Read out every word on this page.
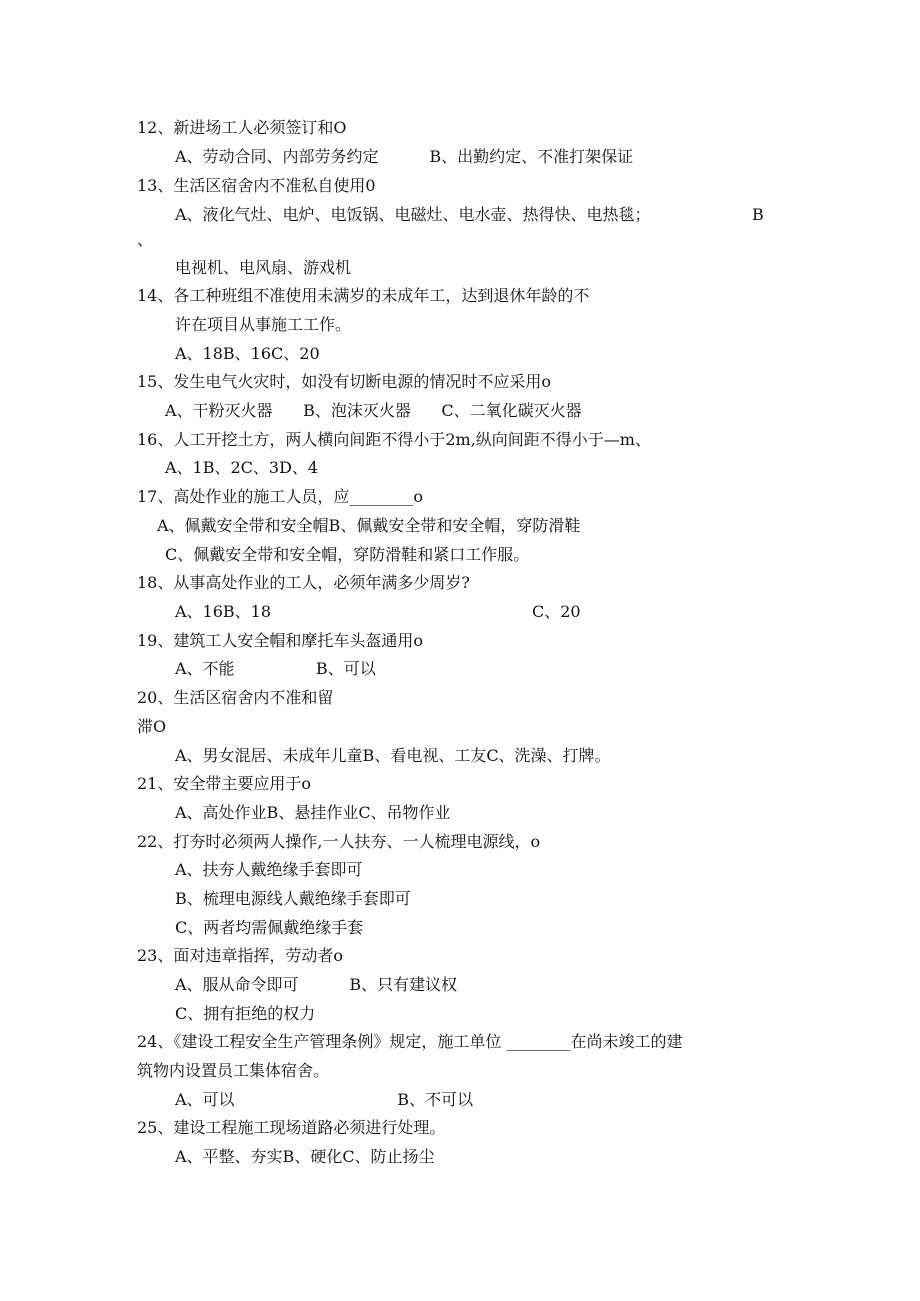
12、新进场工人必须签订和O
A、劳动合同、内部劳务约定          B、出勤约定、不准打架保证
13、生活区宿舍内不准私自使用0
A、液化气灶、电炉、电饭锅、电磁灶、电水壶、热得快、电热毯；	B
、
电视机、电风扇、游戏机
14、各工种班组不准使用未满岁的未成年工，达到退休年龄的不
许在项目从事施工工作。
A、18B、16C、20
15、发生电气火灾时，如没有切断电源的情况时不应采用o
A、干粉灭火器      B、泡沫灭火器      C、二氧化碳灭火器
16、人工开挖土方，两人横向间距不得小于2m,纵向间距不得小于—m、
A、1B、2C、3D、4
17、高处作业的施工人员，应________o
A、佩戴安全带和安全帽B、佩戴安全带和安全帽，穿防滑鞋
C、佩戴安全带和安全帽，穿防滑鞋和紧口工作服。
18、从事高处作业的工人，必须年满多少周岁?
A、16B、18	C、20
19、建筑工人安全帽和摩托车头盔通用o
A、不能                B、可以
20、生活区宿舍内不准和留
滞O
A、男女混居、未成年儿童B、看电视、工友C、洗澡、打牌。
21、安全带主要应用于o
A、高处作业B、悬挂作业C、吊物作业
22、打夯时必须两人操作,一人扶夯、一人梳理电源线，o
A、扶夯人戴绝缘手套即可
B、梳理电源线人戴绝缘手套即可
C、两者均需佩戴绝缘手套
23、面对违章指挥，劳动者o
A、服从命令即可          B、只有建议权
C、拥有拒绝的权力
24、《建设工程安全生产管理条例》规定，施工单位 ________在尚未竣工的建
筑物内设置员工集体宿舍。
A、可以                                B、不可以
25、建设工程施工现场道路必须进行处理。
A、平整、夯实B、硬化C、防止扬尘
